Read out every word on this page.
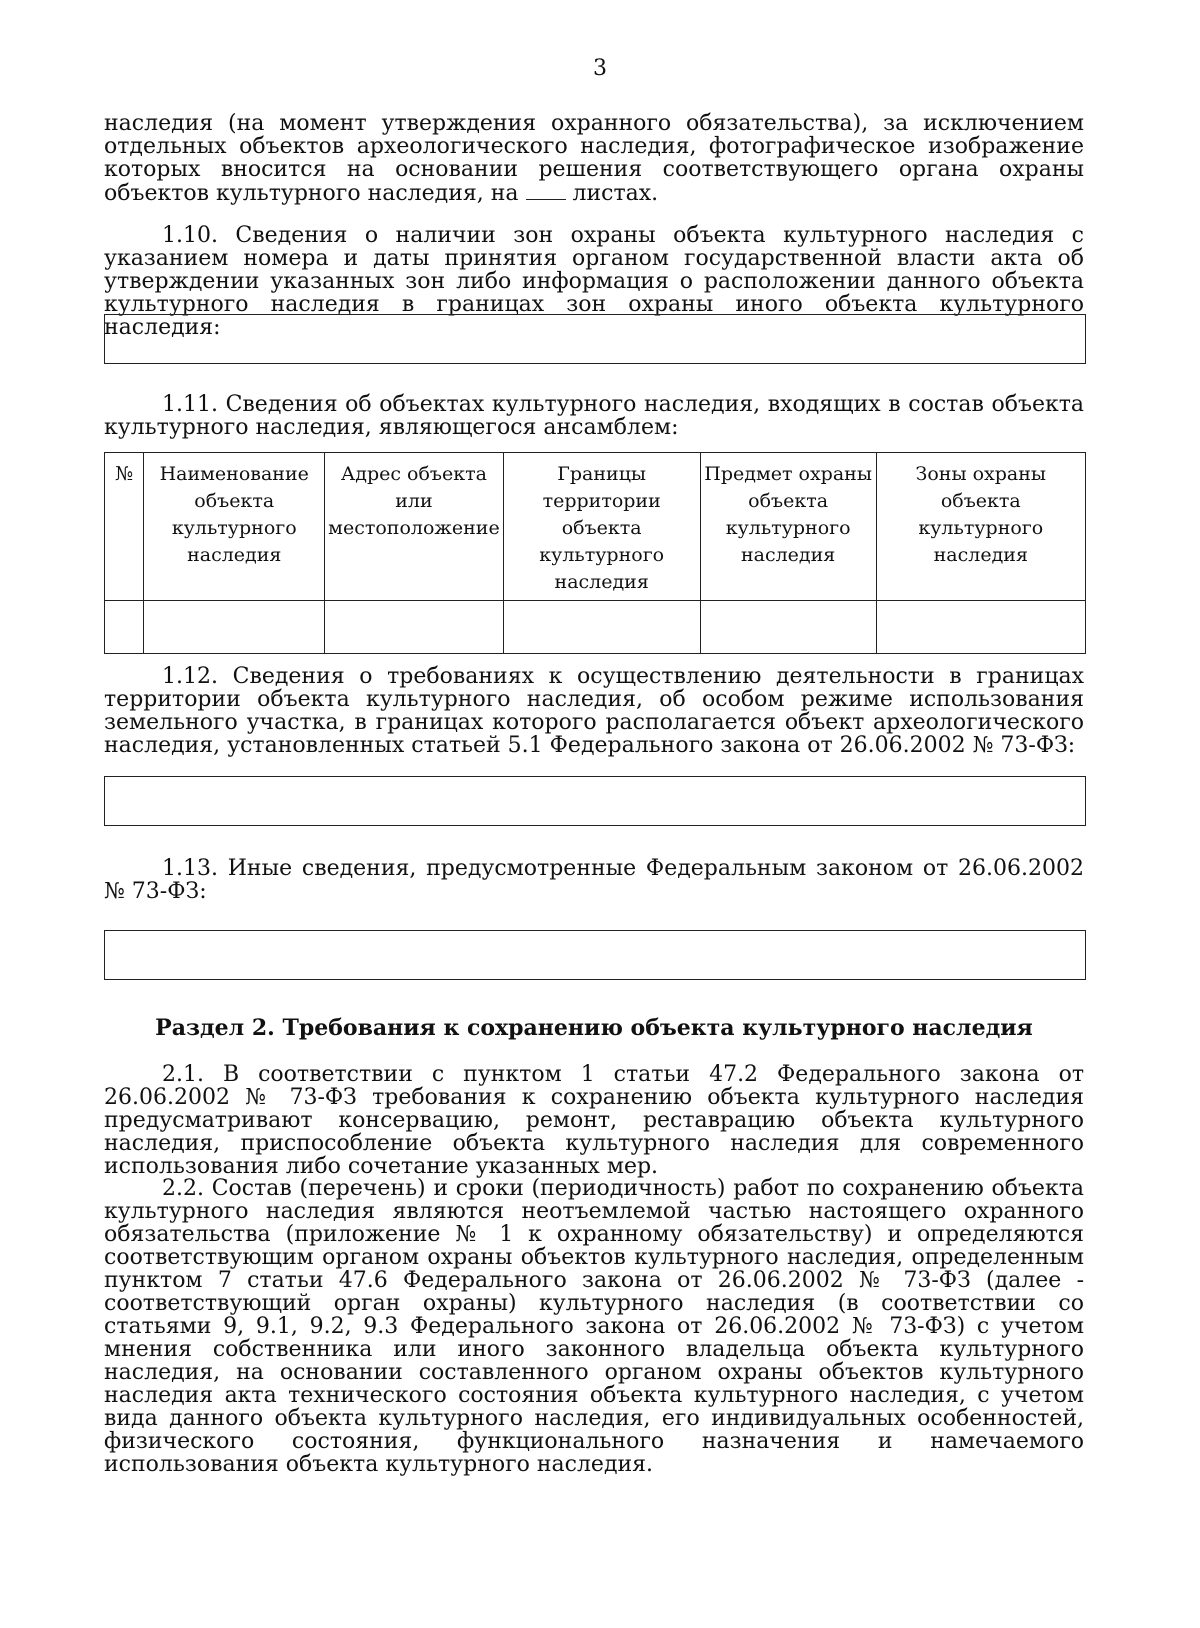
3
наследия (на момент утверждения охранного обязательства), за исключением отдельных объектов археологического наследия, фотографическое изображение которых вносится на основании решения соответствующего органа охраны объектов культурного наследия, на листах.
1.10. Сведения о наличии зон охраны объекта культурного наследия с указанием номера и даты принятия органом государственной власти акта об утверждении указанных зон либо информация о расположении данного объекта культурного наследия в границах зон охраны иного объекта культурного наследия:
1.11. Сведения об объектах культурного наследия, входящих в состав объекта культурного наследия, являющегося ансамблем:
№	Наименование объекта культурного наследия	Адрес объекта или местоположение	Границы территории объекта культурного наследия	Предмет охраны объекта культурного наследия	Зоны охраны объекта культурного наследия

1.12. Сведения о требованиях к осуществлению деятельности в границах территории объекта культурного наследия, об особом режиме использования земельного участка, в границах которого располагается объект археологического наследия, установленных статьей 5.1 Федерального закона от 26.06.2002 № 73-ФЗ:
1.13. Иные сведения, предусмотренные Федеральным законом от 26.06.2002 № 73-ФЗ:
Раздел 2. Требования к сохранению объекта культурного наследия
2.1. В соответствии с пунктом 1 статьи 47.2 Федерального закона от 26.06.2002 № 73-ФЗ требования к сохранению объекта культурного наследия предусматривают консервацию, ремонт, реставрацию объекта культурного наследия, приспособление объекта культурного наследия для современного использования либо сочетание указанных мер.
2.2. Состав (перечень) и сроки (периодичность) работ по сохранению объекта культурного наследия являются неотъемлемой частью настоящего охранного обязательства (приложение № 1 к охранному обязательству) и определяются соответствующим органом охраны объектов культурного наследия, определенным пунктом 7 статьи 47.6 Федерального закона от 26.06.2002 № 73-ФЗ (далее - соответствующий орган охраны) культурного наследия (в соответствии со статьями 9, 9.1, 9.2, 9.3 Федерального закона от 26.06.2002 № 73-ФЗ) с учетом мнения собственника или иного законного владельца объекта культурного наследия, на основании составленного органом охраны объектов культурного наследия акта технического состояния объекта культурного наследия, с учетом вида данного объекта культурного наследия, его индивидуальных особенностей, физического состояния, функционального назначения и намечаемого использования объекта культурного наследия.
